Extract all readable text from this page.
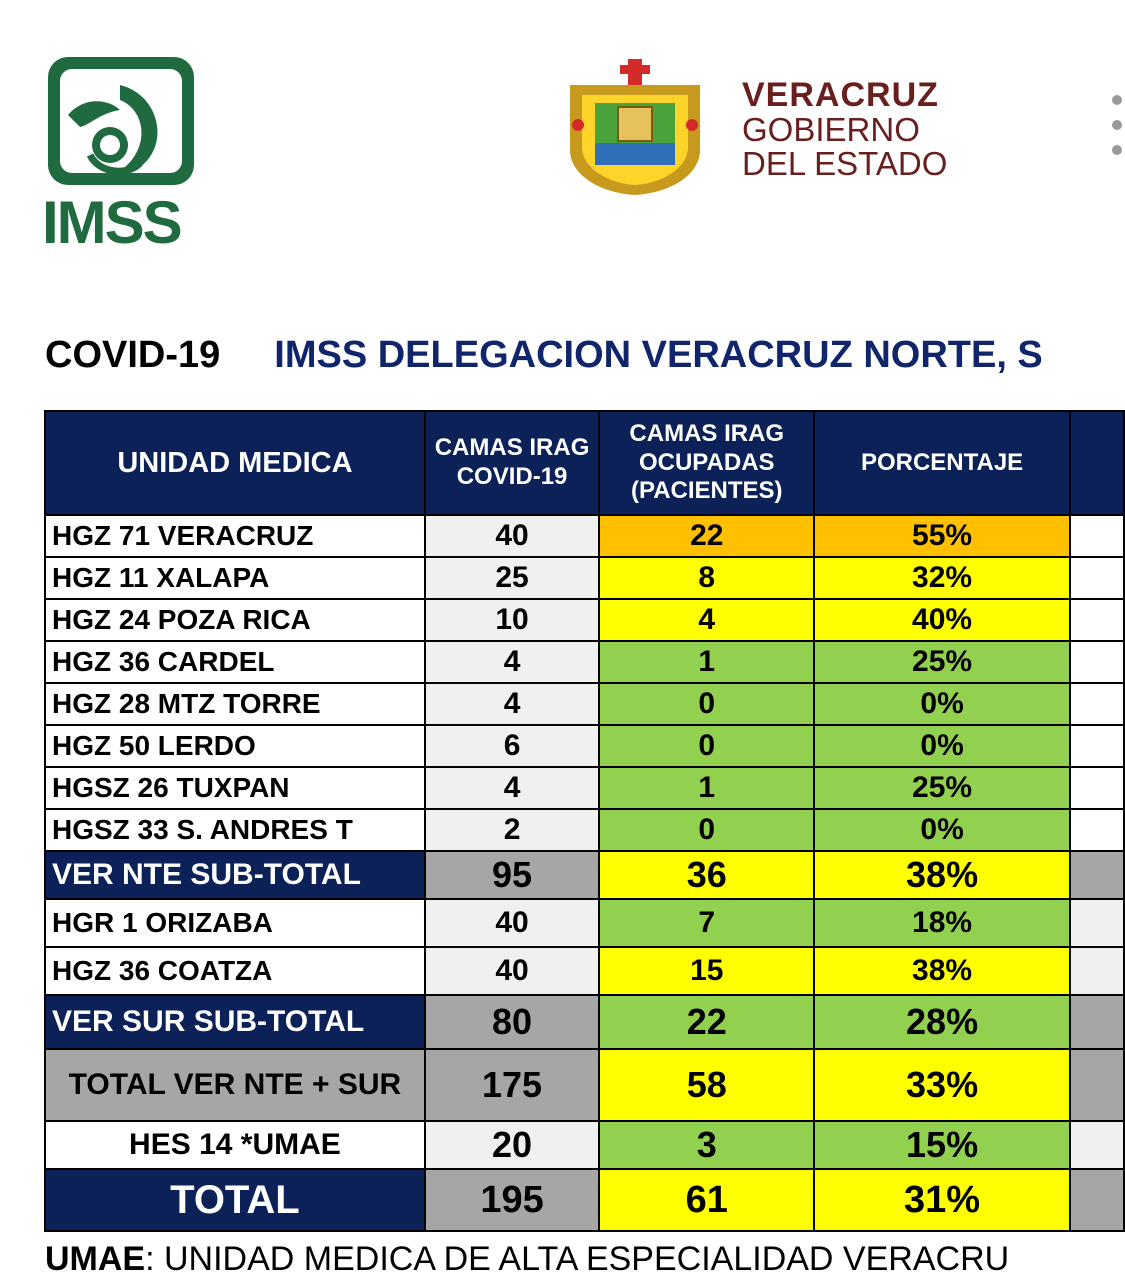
IMSS
VERACRUZ
GOBIERNO
DEL ESTADO
COVID-19 IMSS DELEGACION VERACRUZ NORTE, S
UNIDAD MEDICA	CAMAS IRAG COVID-19	CAMAS IRAG OCUPADAS (PACIENTES)	PORCENTAJE	
HGZ 71 VERACRUZ	40	22	55%	
HGZ 11 XALAPA	25	8	32%	
HGZ 24 POZA RICA	10	4	40%	
HGZ 36 CARDEL	4	1	25%	
HGZ 28 MTZ TORRE	4	0	0%	
HGZ 50 LERDO	6	0	0%	
HGSZ 26 TUXPAN	4	1	25%	
HGSZ 33 S. ANDRES T	2	0	0%	
VER NTE SUB-TOTAL	95	36	38%	
HGR 1 ORIZABA	40	7	18%	
HGZ 36 COATZA	40	15	38%	
VER SUR SUB-TOTAL	80	22	28%	
TOTAL VER NTE + SUR	175	58	33%	
HES 14 *UMAE	20	3	15%	
TOTAL	195	61	31%	
UMAE: UNIDAD MEDICA DE ALTA ESPECIALIDAD VERACRU
